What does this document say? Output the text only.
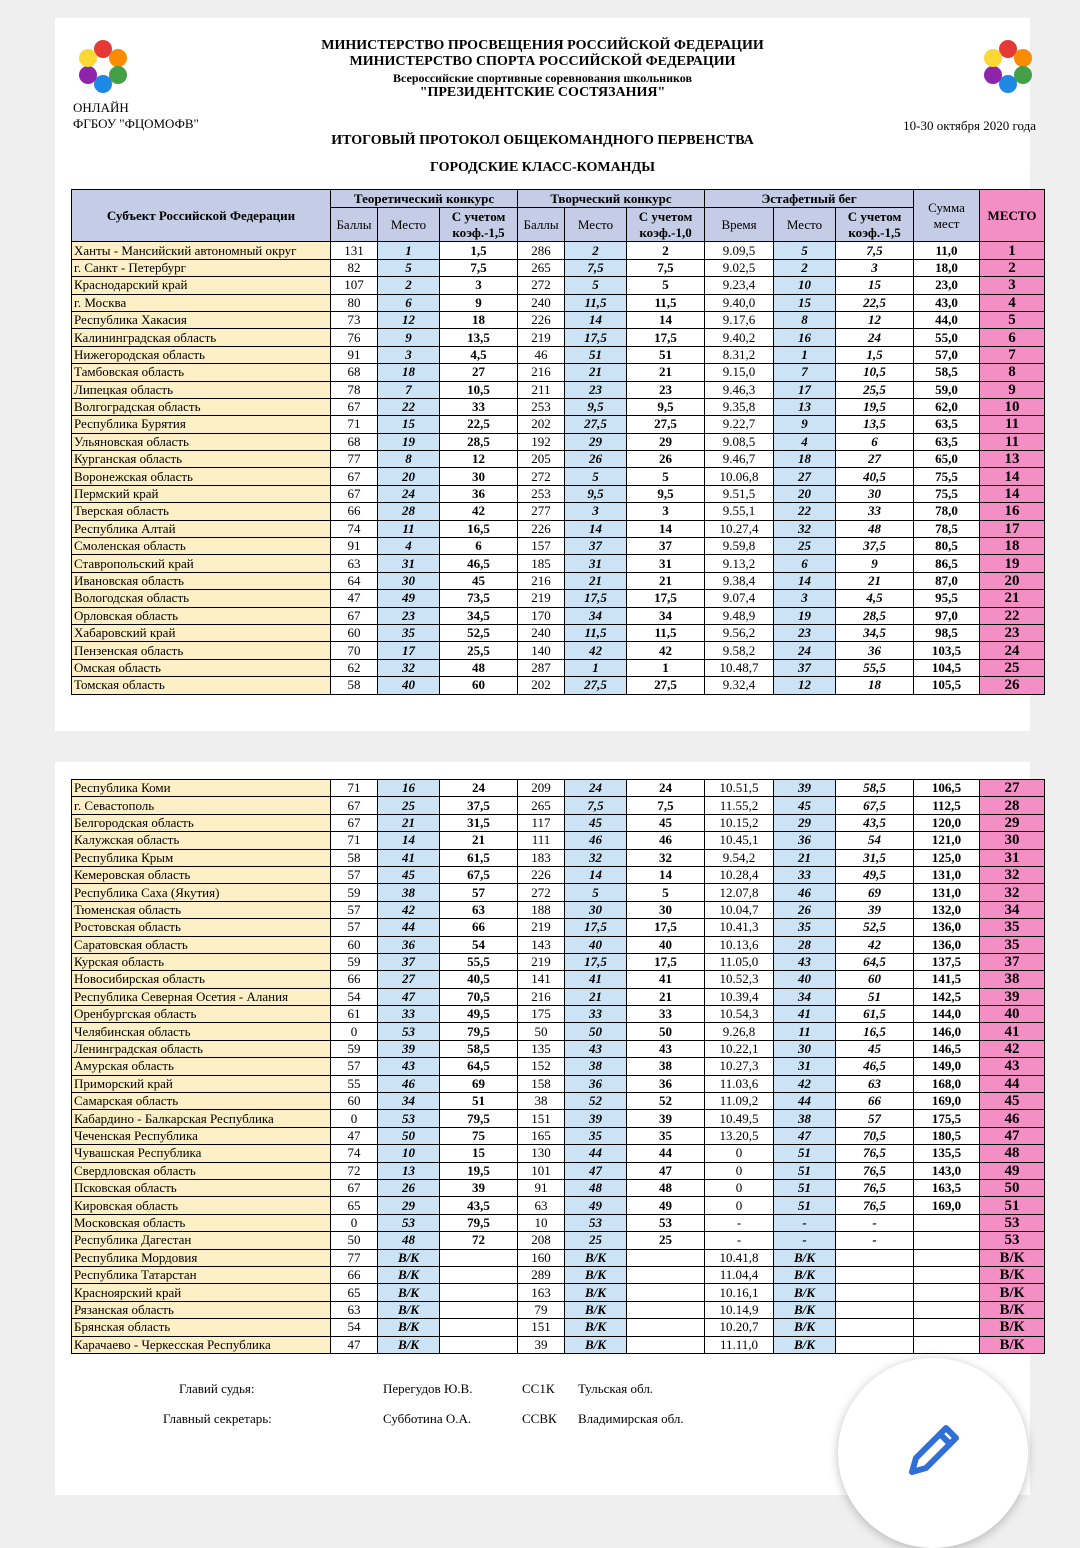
МИНИСТЕРСТВО ПРОСВЕЩЕНИЯ РОССИЙСКОЙ ФЕДЕРАЦИИ
МИНИСТЕРСТВО СПОРТА РОССИЙСКОЙ ФЕДЕРАЦИИ
Всероссийские спортивные соревнования школьников
"ПРЕЗИДЕНТСКИЕ СОСТЯЗАНИЯ"
ОНЛАЙН
ФГБОУ "ФЦОМОФВ"	10-30 октября 2020 года
ИТОГОВЫЙ ПРОТОКОЛ ОБЩЕКОМАНДНОГО ПЕРВЕНСТВА
ГОРОДСКИЕ КЛАСС-КОМАНДЫ
Субъект Российской Федерации	Теоретический конкурс			Творческий конкурс			Эстафетный бег			Сумма мест	МЕСТО
	Баллы	Место	С учетом коэф.-1,5	Баллы	Место	С учетом коэф.-1,0	Время	Место	С учетом коэф.-1,5		
Ханты - Мансийский автономный округ	131	1	1,5	286	2	2	9.09,5	5	7,5	11,0	1
г. Санкт - Петербург	82	5	7,5	265	7,5	7,5	9.02,5	2	3	18,0	2
Краснодарский край	107	2	3	272	5	5	9.23,4	10	15	23,0	3
г. Москва	80	6	9	240	11,5	11,5	9.40,0	15	22,5	43,0	4
Республика Хакасия	73	12	18	226	14	14	9.17,6	8	12	44,0	5
Калининградская область	76	9	13,5	219	17,5	17,5	9.40,2	16	24	55,0	6
Нижегородская область	91	3	4,5	46	51	51	8.31,2	1	1,5	57,0	7
Тамбовская область	68	18	27	216	21	21	9.15,0	7	10,5	58,5	8
Липецкая область	78	7	10,5	211	23	23	9.46,3	17	25,5	59,0	9
Волгоградская область	67	22	33	253	9,5	9,5	9.35,8	13	19,5	62,0	10
Республика Бурятия	71	15	22,5	202	27,5	27,5	9.22,7	9	13,5	63,5	11
Ульяновская область	68	19	28,5	192	29	29	9.08,5	4	6	63,5	11
Курганская область	77	8	12	205	26	26	9.46,7	18	27	65,0	13
Воронежская область	67	20	30	272	5	5	10.06,8	27	40,5	75,5	14
Пермский край	67	24	36	253	9,5	9,5	9.51,5	20	30	75,5	14
Тверская область	66	28	42	277	3	3	9.55,1	22	33	78,0	16
Республика Алтай	74	11	16,5	226	14	14	10.27,4	32	48	78,5	17
Смоленская область	91	4	6	157	37	37	9.59,8	25	37,5	80,5	18
Ставропольский край	63	31	46,5	185	31	31	9.13,2	6	9	86,5	19
Ивановская область	64	30	45	216	21	21	9.38,4	14	21	87,0	20
Вологодская область	47	49	73,5	219	17,5	17,5	9.07,4	3	4,5	95,5	21
Орловская область	67	23	34,5	170	34	34	9.48,9	19	28,5	97,0	22
Хабаровский край	60	35	52,5	240	11,5	11,5	9.56,2	23	34,5	98,5	23
Пензенская область	70	17	25,5	140	42	42	9.58,2	24	36	103,5	24
Омская область	62	32	48	287	1	1	10.48,7	37	55,5	104,5	25
Томская область	58	40	60	202	27,5	27,5	9.32,4	12	18	105,5	26
Республика Коми	71	16	24	209	24	24	10.51,5	39	58,5	106,5	27
г. Севастополь	67	25	37,5	265	7,5	7,5	11.55,2	45	67,5	112,5	28
Белгородская область	67	21	31,5	117	45	45	10.15,2	29	43,5	120,0	29
Калужская область	71	14	21	111	46	46	10.45,1	36	54	121,0	30
Республика Крым	58	41	61,5	183	32	32	9.54,2	21	31,5	125,0	31
Кемеровская область	57	45	67,5	226	14	14	10.28,4	33	49,5	131,0	32
Республика Саха (Якутия)	59	38	57	272	5	5	12.07,8	46	69	131,0	32
Тюменская область	57	42	63	188	30	30	10.04,7	26	39	132,0	34
Ростовская область	57	44	66	219	17,5	17,5	10.41,3	35	52,5	136,0	35
Саратовская область	60	36	54	143	40	40	10.13,6	28	42	136,0	35
Курская область	59	37	55,5	219	17,5	17,5	11.05,0	43	64,5	137,5	37
Новосибирская область	66	27	40,5	141	41	41	10.52,3	40	60	141,5	38
Республика Северная Осетия - Алания	54	47	70,5	216	21	21	10.39,4	34	51	142,5	39
Оренбургская область	61	33	49,5	175	33	33	10.54,3	41	61,5	144,0	40
Челябинская область	0	53	79,5	50	50	50	9.26,8	11	16,5	146,0	41
Ленинградская область	59	39	58,5	135	43	43	10.22,1	30	45	146,5	42
Амурская область	57	43	64,5	152	38	38	10.27,3	31	46,5	149,0	43
Приморский край	55	46	69	158	36	36	11.03,6	42	63	168,0	44
Самарская область	60	34	51	38	52	52	11.09,2	44	66	169,0	45
Кабардино - Балкарская Республика	0	53	79,5	151	39	39	10.49,5	38	57	175,5	46
Чеченская Республика	47	50	75	165	35	35	13.20,5	47	70,5	180,5	47
Чувашская Республика	74	10	15	130	44	44	0	51	76,5	135,5	48
Свердловская область	72	13	19,5	101	47	47	0	51	76,5	143,0	49
Псковская область	67	26	39	91	48	48	0	51	76,5	163,5	50
Кировская область	65	29	43,5	63	49	49	0	51	76,5	169,0	51
Московская область	0	53	79,5	10	53	53	-	-	-		53
Республика Дагестан	50	48	72	208	25	25	-	-	-		53
Республика Мордовия	77	В/К		160	В/К		10.41,8	В/К			В/К
Республика Татарстан	66	В/К		289	В/К		11.04,4	В/К			В/К
Красноярский край	65	В/К		163	В/К		10.16,1	В/К			В/К
Рязанская область	63	В/К		79	В/К		10.14,9	В/К			В/К
Брянская область	54	В/К		151	В/К		10.20,7	В/К			В/К
Карачаево - Черкесская Республика	47	В/К		39	В/К		11.11,0	В/К			В/К
Главий судья:	Перегудов Ю.В.	СС1К Тульская обл.
Главный секретарь:	Субботина О.А.	ССВК Владимирская обл.
